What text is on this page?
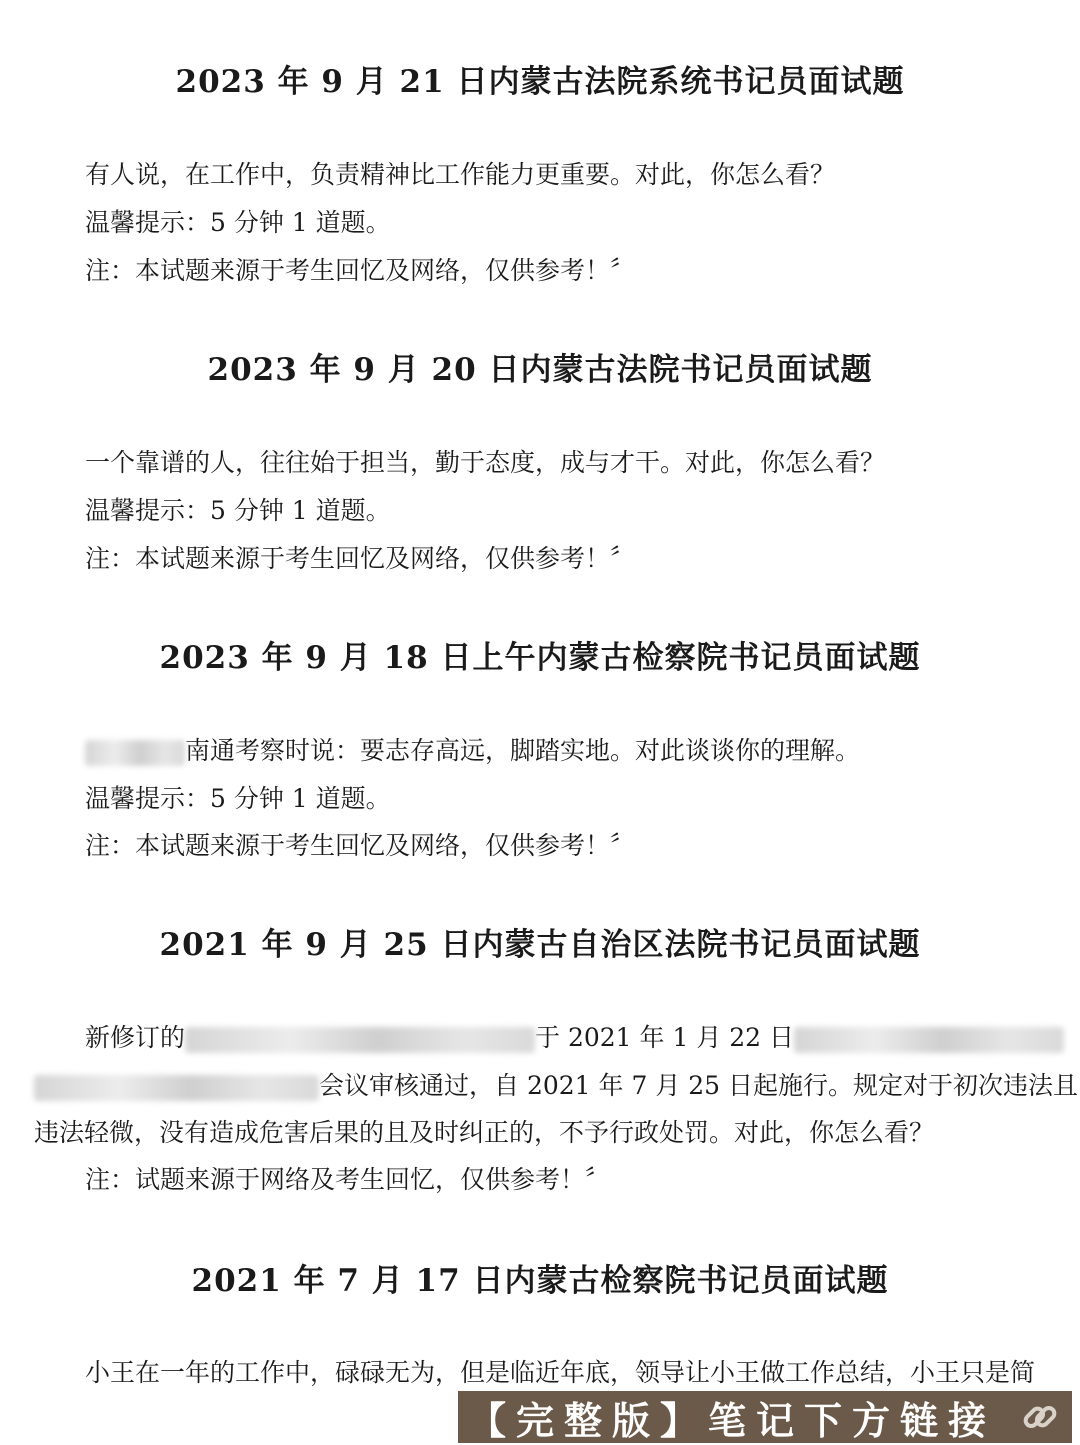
2023 年 9 月 21 日内蒙古法院系统书记员面试题
有人说，在工作中，负责精神比工作能力更重要。对此，你怎么看？
温馨提示：5 分钟 1 道题。
注：本试题来源于考生回忆及网络，仅供参考！〞
2023 年 9 月 20 日内蒙古法院书记员面试题
一个靠谱的人，往往始于担当，勤于态度，成与才干。对此，你怎么看？
温馨提示：5 分钟 1 道题。
注：本试题来源于考生回忆及网络，仅供参考！〞
2023 年 9 月 18 日上午内蒙古检察院书记员面试题
南通考察时说：要志存高远，脚踏实地。对此谈谈你的理解。
温馨提示：5 分钟 1 道题。
注：本试题来源于考生回忆及网络，仅供参考！〞
2021 年 9 月 25 日内蒙古自治区法院书记员面试题
新修订的	于 2021 年 1 月 22 日
会议审核通过，自 2021 年 7 月 25 日起施行。规定对于初次违法且
违法轻微，没有造成危害后果的且及时纠正的，不予行政处罚。对此，你怎么看？
注：试题来源于网络及考生回忆，仅供参考！〞
2021 年 7 月 17 日内蒙古检察院书记员面试题
小王在一年的工作中，碌碌无为，但是临近年底，领导让小王做工作总结，小王只是简
【完整版】笔记下方链接
